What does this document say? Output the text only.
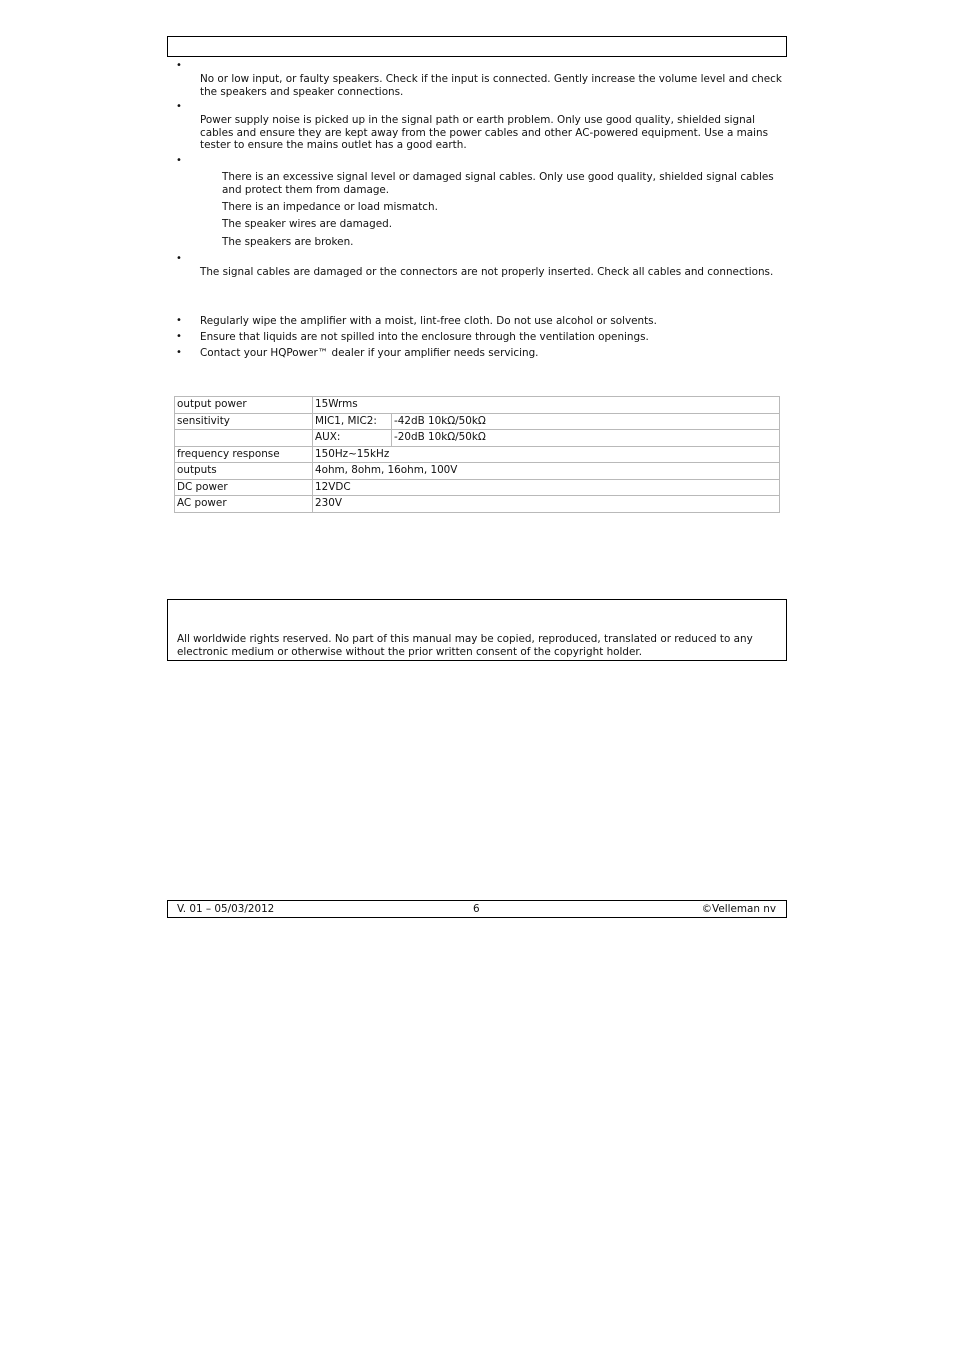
•
No or low input, or faulty speakers. Check if the input is connected. Gently increase the volume level and check the speakers and speaker connections.
•
Power supply noise is picked up in the signal path or earth problem. Only use good quality, shielded signal cables and ensure they are kept away from the power cables and other AC-powered equipment. Use a mains tester to ensure the mains outlet has a good earth.
•
There is an excessive signal level or damaged signal cables. Only use good quality, shielded signal cables and protect them from damage.
There is an impedance or load mismatch.
The speaker wires are damaged.
The speakers are broken.
•
The signal cables are damaged or the connectors are not properly inserted. Check all cables and connections.
• Regularly wipe the amplifier with a moist, lint-free cloth. Do not use alcohol or solvents.
• Ensure that liquids are not spilled into the enclosure through the ventilation openings.
• Contact your HQPower™ dealer if your amplifier needs servicing.
output power	15Wrms	
sensitivity	MIC1, MIC2:	-42dB 10kΩ/50kΩ
	AUX:	-20dB 10kΩ/50kΩ
frequency response	150Hz~15kHz	
outputs	4ohm, 8ohm, 16ohm, 100V	
DC power	12VDC	
AC power	230V	
All worldwide rights reserved. No part of this manual may be copied, reproduced, translated or reduced to any electronic medium or otherwise without the prior written consent of the copyright holder.
V. 01 – 05/03/2012	6	©Velleman nv
